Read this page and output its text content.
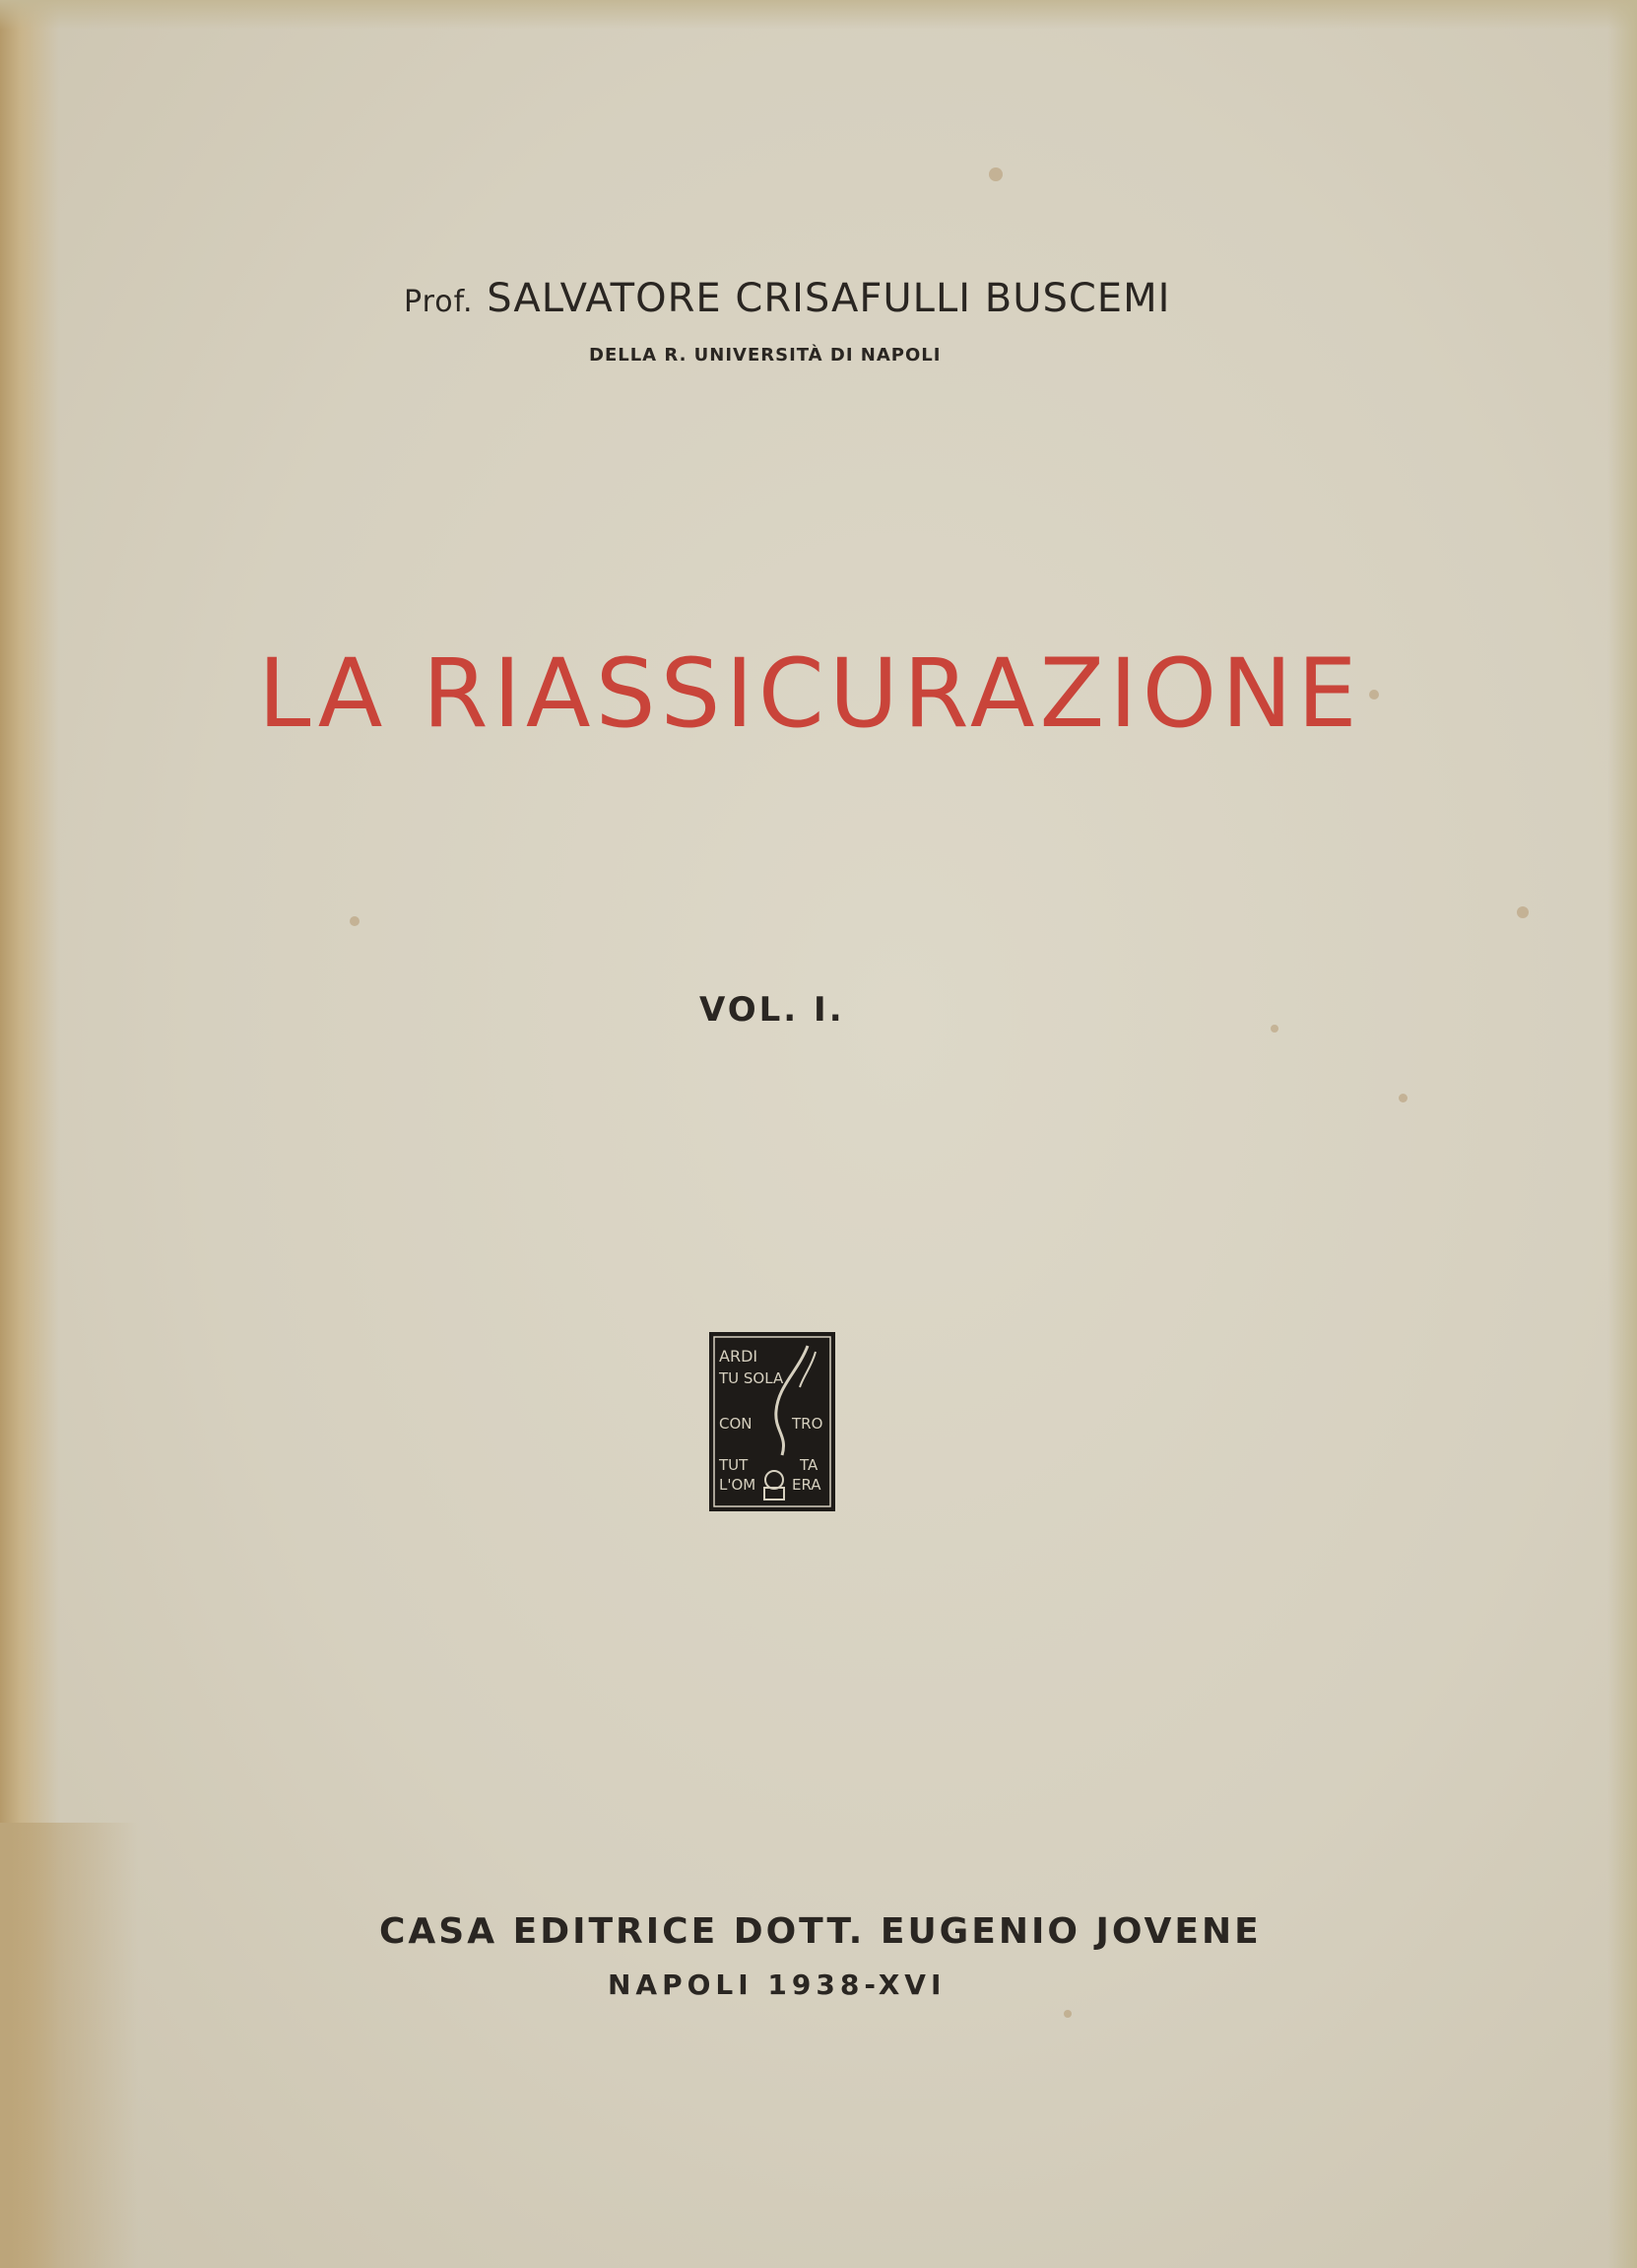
Prof. SALVATORE CRISAFULLI BUSCEMI
DELLA R. UNIVERSITÀ DI NAPOLI
LA RIASSICURAZIONE
VOL. I.
ARDI
TU SOLA
CON	TRO
TUT	TA
L'OM ERA
CASA EDITRICE DOTT. EUGENIO JOVENE
NAPOLI 1938-XVI
